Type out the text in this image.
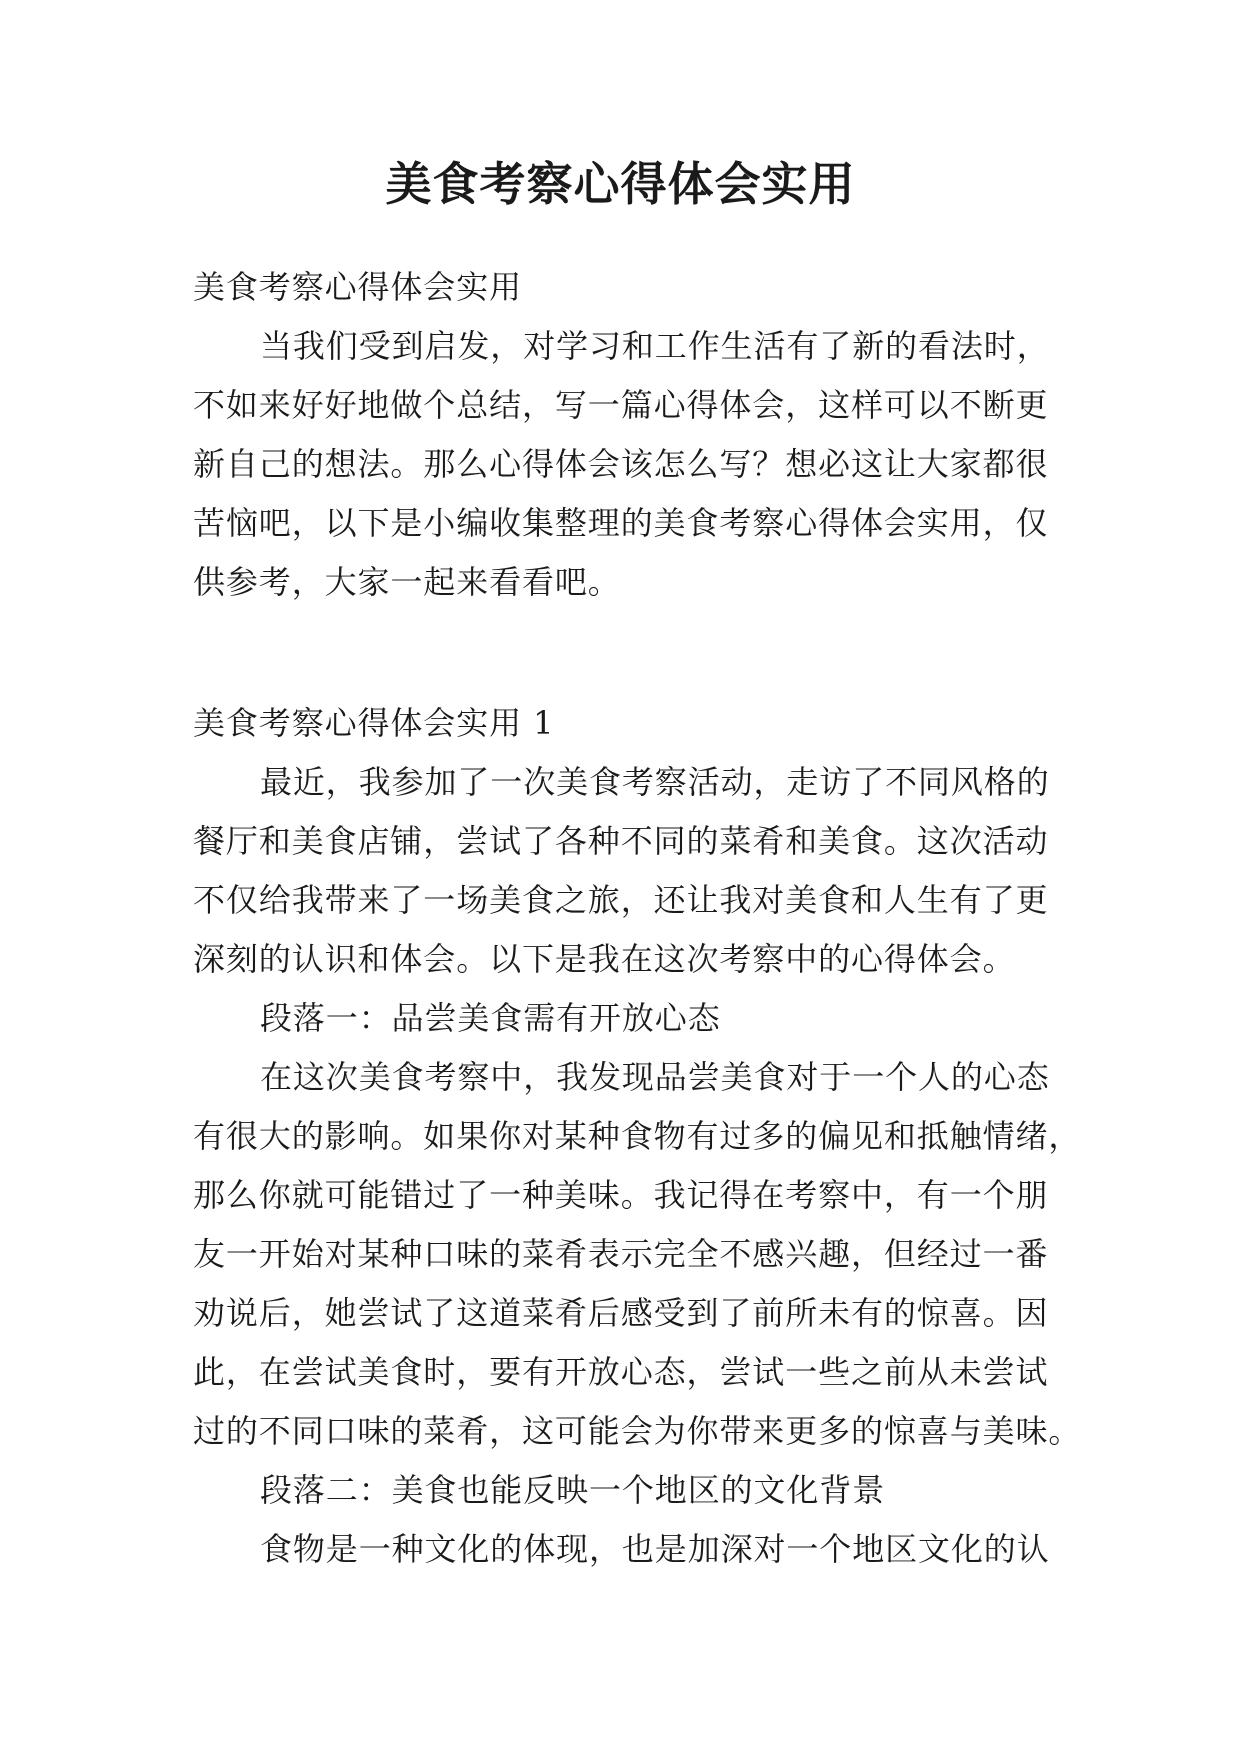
美食考察心得体会实用
美食考察心得体会实用
当我们受到启发，对学习和工作生活有了新的看法时，
不如来好好地做个总结，写一篇心得体会，这样可以不断更
新自己的想法。那么心得体会该怎么写？想必这让大家都很
苦恼吧，以下是小编收集整理的美食考察心得体会实用，仅
供参考，大家一起来看看吧。
美食考察心得体会实用 1
最近，我参加了一次美食考察活动，走访了不同风格的
餐厅和美食店铺，尝试了各种不同的菜肴和美食。这次活动
不仅给我带来了一场美食之旅，还让我对美食和人生有了更
深刻的认识和体会。以下是我在这次考察中的心得体会。
段落一：品尝美食需有开放心态
在这次美食考察中，我发现品尝美食对于一个人的心态
有很大的影响。如果你对某种食物有过多的偏见和抵触情绪，
那么你就可能错过了一种美味。我记得在考察中，有一个朋
友一开始对某种口味的菜肴表示完全不感兴趣，但经过一番
劝说后，她尝试了这道菜肴后感受到了前所未有的惊喜。因
此，在尝试美食时，要有开放心态，尝试一些之前从未尝试
过的不同口味的菜肴，这可能会为你带来更多的惊喜与美味。
段落二：美食也能反映一个地区的文化背景
食物是一种文化的体现，也是加深对一个地区文化的认
